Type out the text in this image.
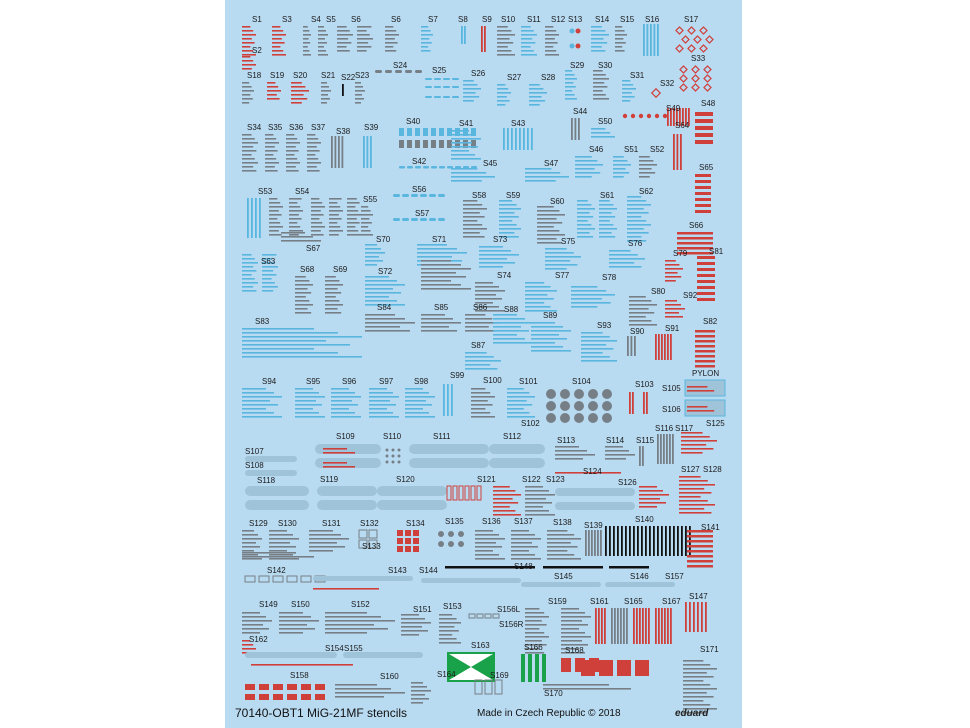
S1	S3 S4 S5 S6	S6	S7	S8 S9 S10 S11 S12 S13 S14 S15 S16	S17
S2
S33
S18 S19 S20 S21 S22 S23
S24
S25	S26	S27 S28
S29 S30
S31
S32
S49
S48
S34 S35 S36 S37 S38 S39
S40	S41	S43
S44
S50	S64
S42	S45	S47
S46	S51 S52
S65
S53	S54	S56
S58 S59
S60
S61	S62
S55
S57
S66
S70	S71	S73	S75	S76
S67
S79	S81
S63
S68 S69	S72	S74	S77	S78
S80 S92
S84	S85	S86 S88
S89
S83	S93
S90	S91
S82
S87
PYLON
S94	S95	S96	S97	S98
S99
S100 S101	S104	S103 S105
S106
S102	S125
S116 S117
S109	S110	S111	S112	S113	S114 S115
S107
S108
S124	S127 S128
S118	S119	S120	S121	S122 S123	S126
S140
S141
S129 S130	S131 S132	S134	S135 S136 S137	S138 S139
S133
S148
S142	S143 S144
S145	S146 S157
S147
S149 S150	S152
S151 S153	S156L
S159	S161 S165 S167
S156R
S162
S163	S166
S154 S155	S168	S171
S158	S160	S164	S169
S170
70140-OBT1 MiG-21MF stencils	Made in Czech Republic © 2018	eduard
